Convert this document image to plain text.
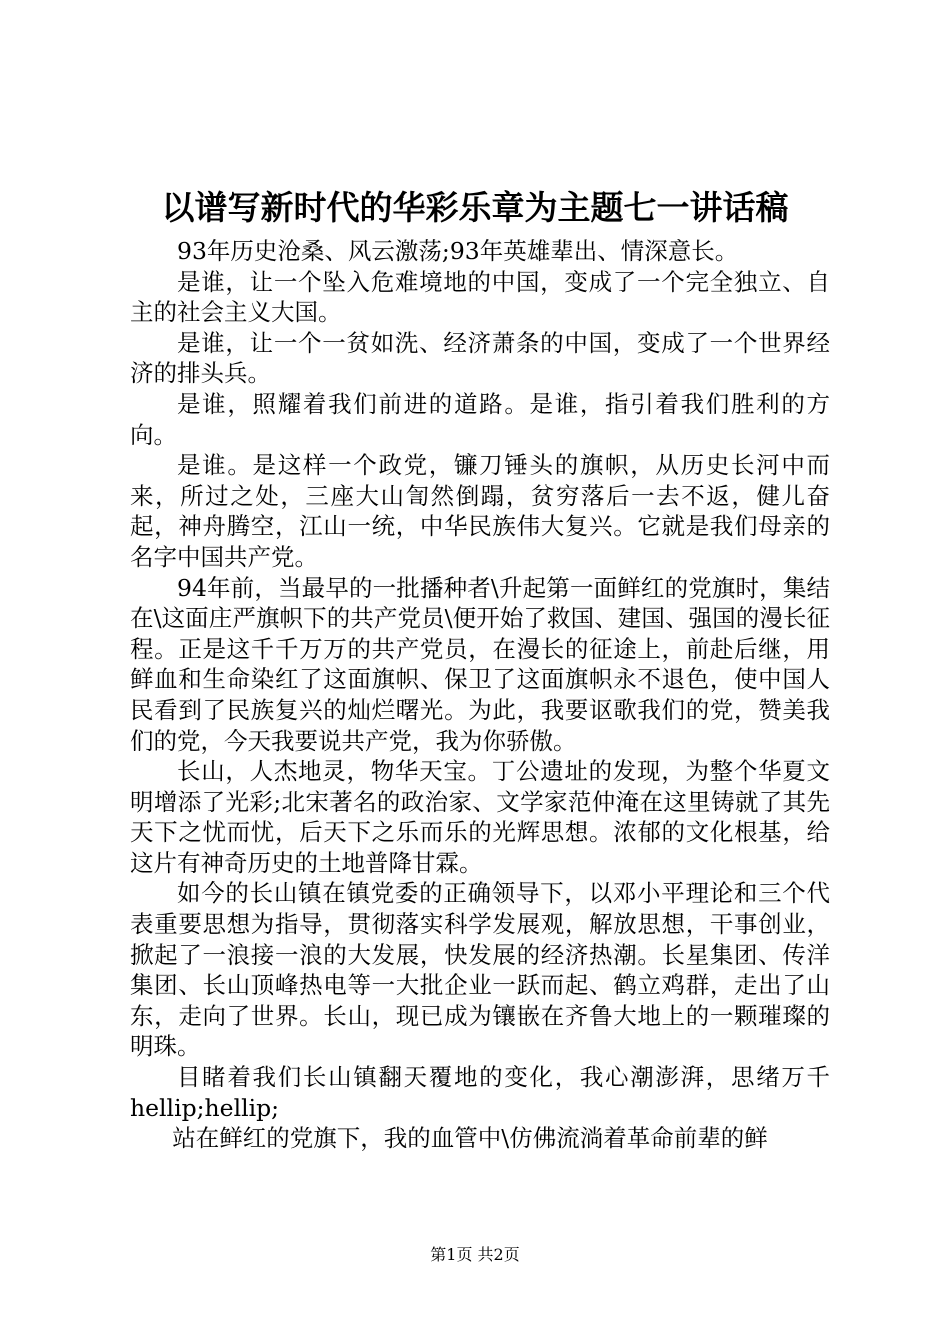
以谱写新时代的华彩乐章为主题七一讲话稿

93年历史沧桑、风云激荡;93年英雄辈出、情深意长。

是谁，让一个坠入危难境地的中国，变成了一个完全独立、自主的社会主义大国。

是谁，让一个一贫如洗、经济萧条的中国，变成了一个世界经济的排头兵。

是谁，照耀着我们前进的道路。是谁，指引着我们胜利的方向。

是谁。是这样一个政党，镰刀锤头的旗帜，从历史长河中而来，所过之处，三座大山訇然倒蹋，贫穷落后一去不返，健儿奋起，神舟腾空，江山一统，中华民族伟大复兴。它就是我们母亲的名字中国共产党。

94年前，当最早的一批播种者\升起第一面鲜红的党旗时，集结在\这面庄严旗帜下的共产党员\便开始了救国、建国、强国的漫长征程。正是这千千万万的共产党员，在漫长的征途上，前赴后继，用鲜血和生命染红了这面旗帜、保卫了这面旗帜永不退色，使中国人民看到了民族复兴的灿烂曙光。为此，我要讴歌我们的党，赞美我们的党，今天我要说共产党，我为你骄傲。

长山，人杰地灵，物华天宝。丁公遗址的发现，为整个华夏文明增添了光彩;北宋著名的政治家、文学家范仲淹在这里铸就了其先天下之忧而忧，后天下之乐而乐的光辉思想。浓郁的文化根基，给这片有神奇历史的土地普降甘霖。

如今的长山镇在镇党委的正确领导下，以邓小平理论和三个代表重要思想为指导，贯彻落实科学发展观，解放思想，干事创业，掀起了一浪接一浪的大发展，快发展的经济热潮。长星集团、传洋集团、长山顶峰热电等一大批企业一跃而起、鹤立鸡群，走出了山东，走向了世界。长山，现已成为镶嵌在齐鲁大地上的一颗璀璨的明珠。

目睹着我们长山镇翻天覆地的变化，我心潮澎湃，思绪万千hellip;hellip;

站在鲜红的党旗下，我的血管中\仿佛流淌着革命前辈的鲜

第1页 共2页
